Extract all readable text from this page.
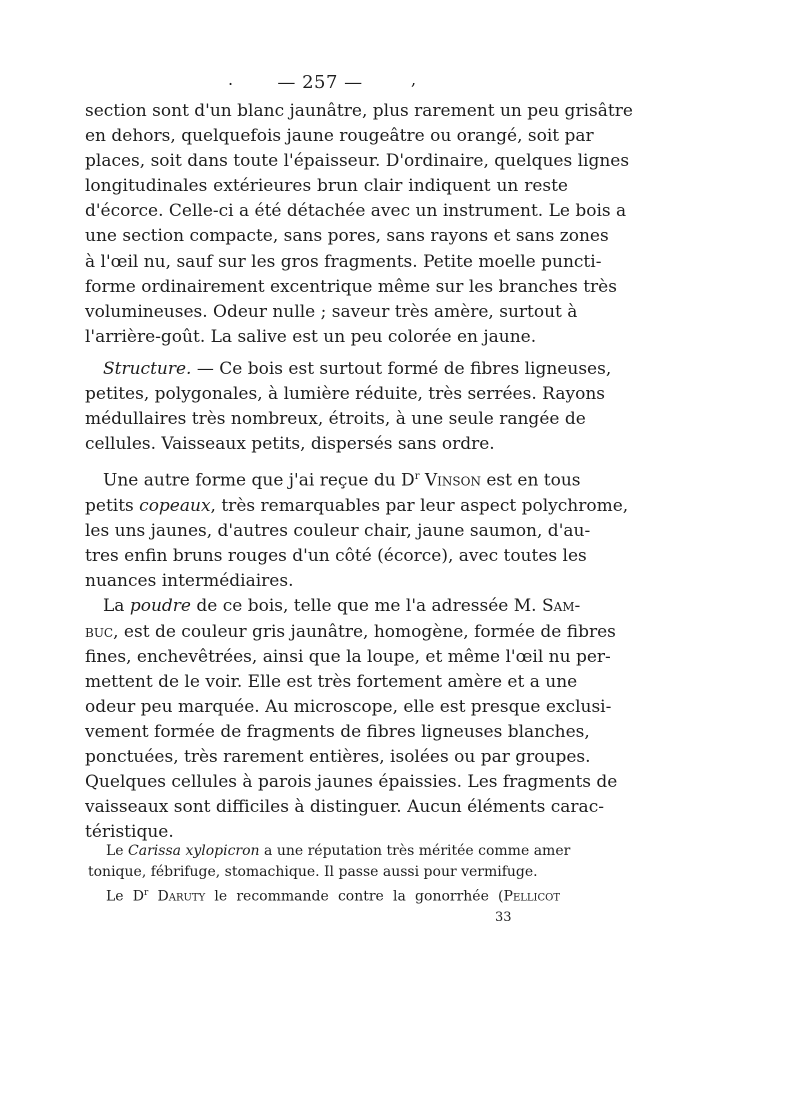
. — 257 —	,
section sont d'un blanc jaunâtre, plus rarement un peu grisâtre
en dehors, quelquefois jaune rougeâtre ou orangé, soit par
places, soit dans toute l'épaisseur. D'ordinaire, quelques lignes
longitudinales extérieures brun clair indiquent un reste
d'écorce. Celle-ci a été détachée avec un instrument. Le bois a
une section compacte, sans pores, sans rayons et sans zones
à l'œil nu, sauf sur les gros fragments. Petite moelle puncti-
forme ordinairement excentrique même sur les branches très
volumineuses. Odeur nulle ; saveur très amère, surtout à
l'arrière-goût. La salive est un peu colorée en jaune.
Structure. — Ce bois est surtout formé de fibres ligneuses,
petites, polygonales, à lumière réduite, très serrées. Rayons
médullaires très nombreux, étroits, à une seule rangée de
cellules. Vaisseaux petits, dispersés sans ordre.
Une autre forme que j'ai reçue du $D^r$ Vinson est en tous
petits copeaux, très remarquables par leur aspect polychrome,
les uns jaunes, d'autres couleur chair, jaune saumon, d'au-
tres enfin bruns rouges d'un côté (écorce), avec toutes les
nuances intermédiaires.
La poudre de ce bois, telle que me l'a adressée M. Sam-
buc, est de couleur gris jaunâtre, homogène, formée de fibres
fines, enchevêtrées, ainsi que la loupe, et même l'œil nu per-
mettent de le voir. Elle est très fortement amère et a une
odeur peu marquée. Au microscope, elle est presque exclusi-
vement formée de fragments de fibres ligneuses blanches,
ponctuées, très rarement entières, isolées ou par groupes.
Quelques cellules à parois jaunes épaissies. Les fragments de
vaisseaux sont difficiles à distinguer. Aucun éléments carac-
téristique.
Le Carissa xylopicron a une réputation très méritée comme amer
tonique, fébrifuge, stomachique. Il passe aussi pour vermifuge.
Le $D^r$ Daruty le recommande contre la gonorrhée (Pellicot
33
